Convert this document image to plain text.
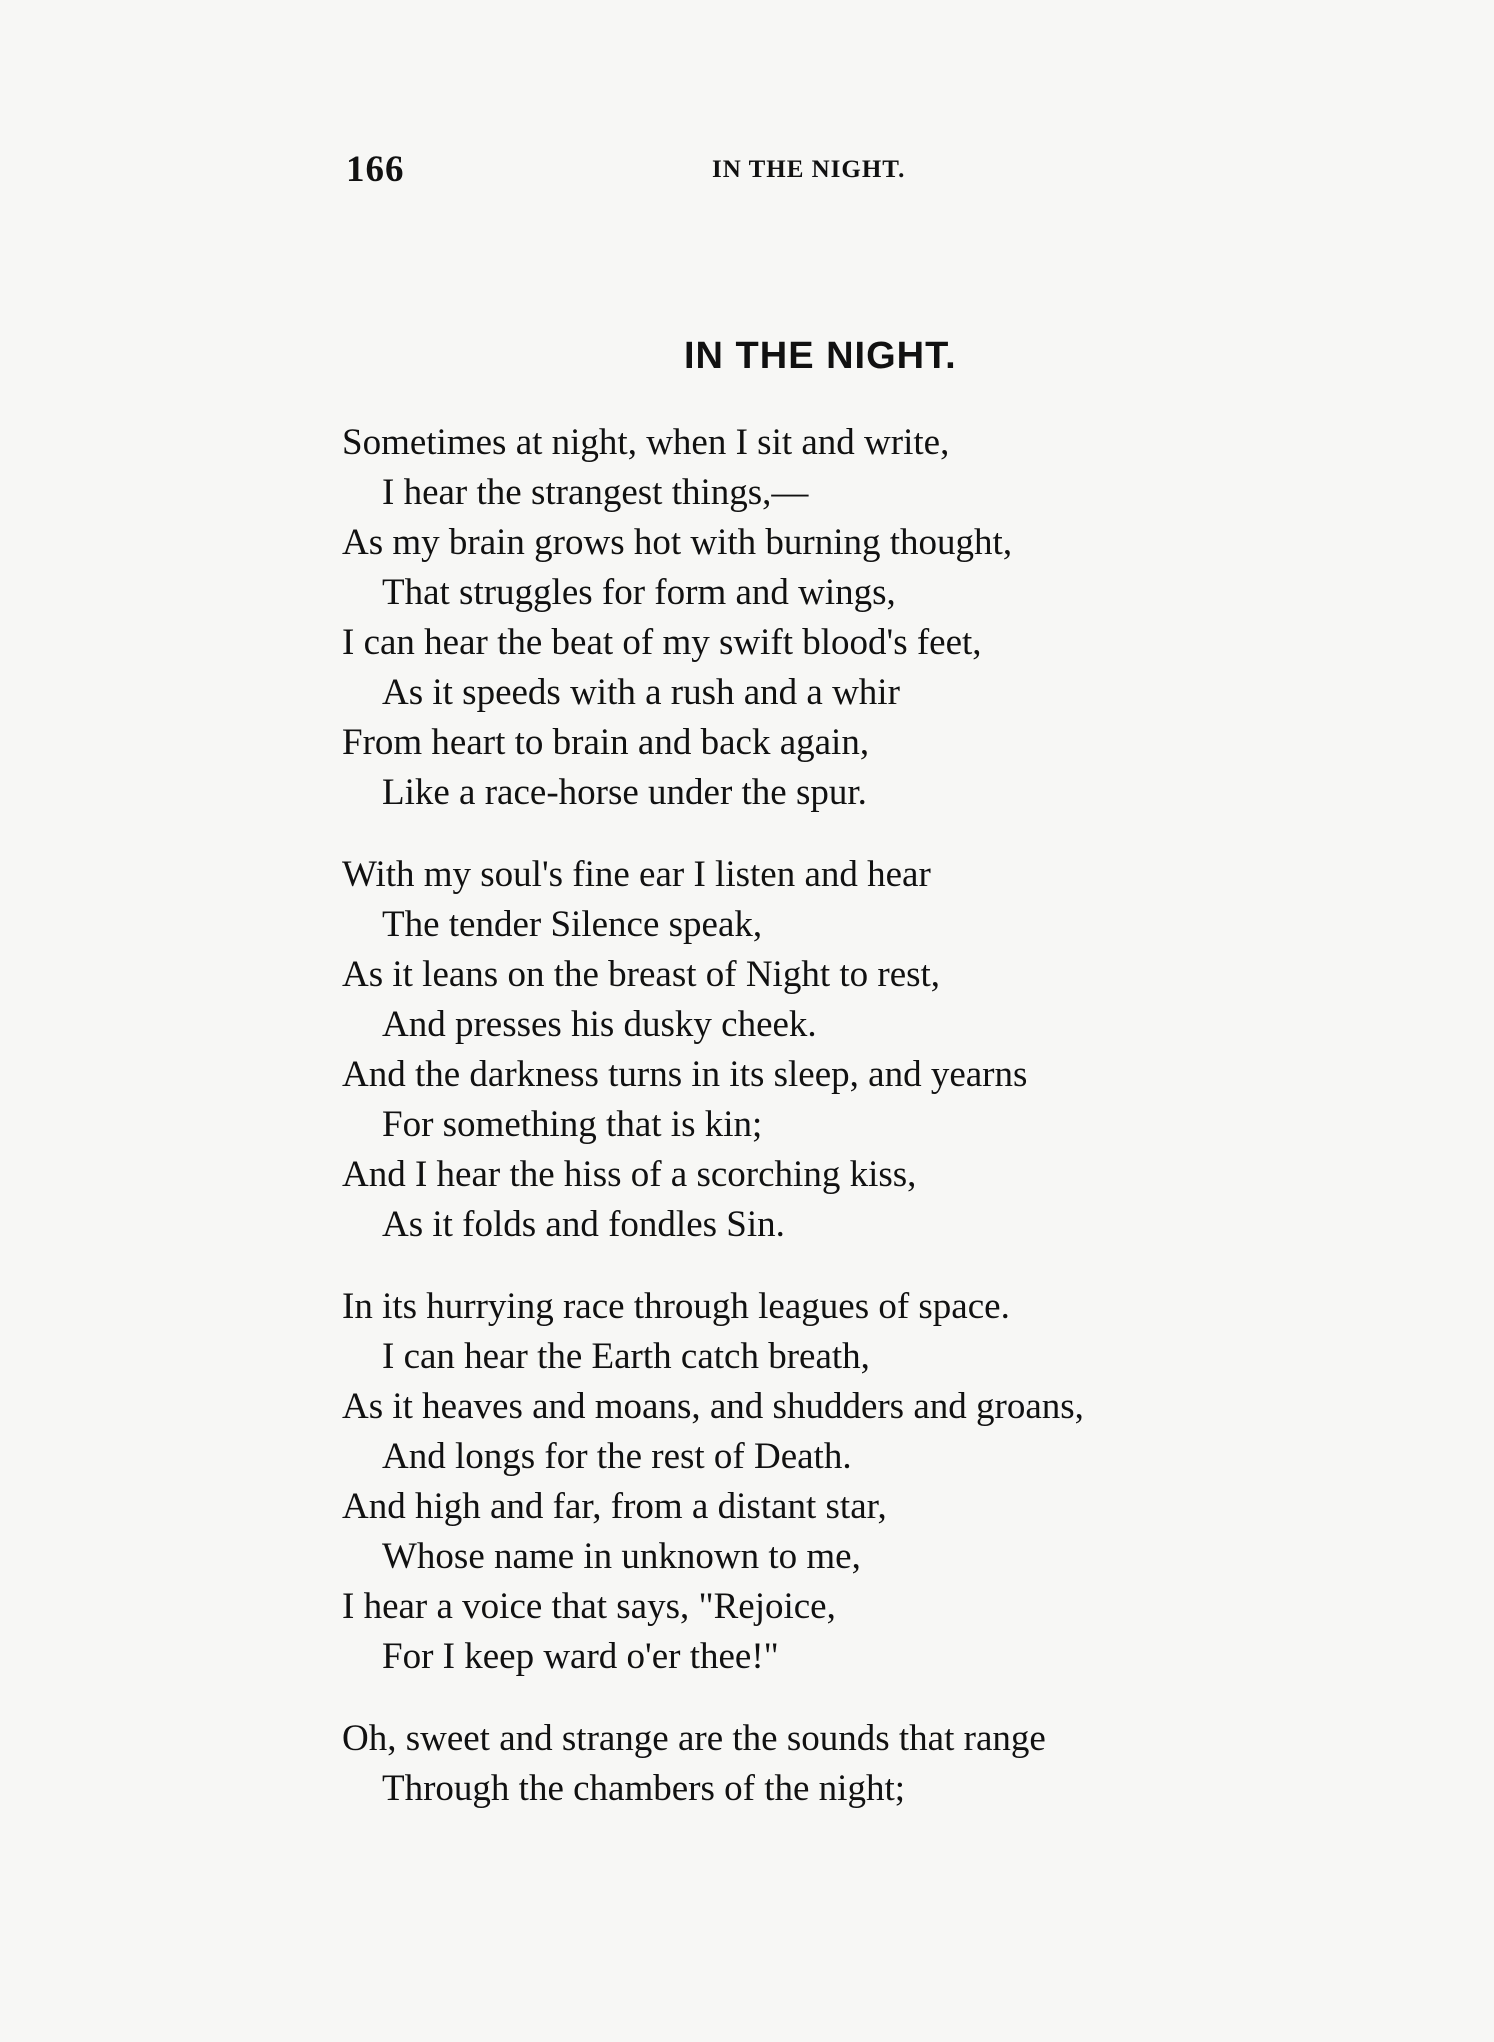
166	IN THE NIGHT.
IN THE NIGHT.
Sometimes at night, when I sit and write,
I hear the strangest things,—
As my brain grows hot with burning thought,
That struggles for form and wings,
I can hear the beat of my swift blood's feet,
As it speeds with a rush and a whir
From heart to brain and back again,
Like a race-horse under the spur.
With my soul's fine ear I listen and hear
The tender Silence speak,
As it leans on the breast of Night to rest,
And presses his dusky cheek.
And the darkness turns in its sleep, and yearns
For something that is kin;
And I hear the hiss of a scorching kiss,
As it folds and fondles Sin.
In its hurrying race through leagues of space.
I can hear the Earth catch breath,
As it heaves and moans, and shudders and groans,
And longs for the rest of Death.
And high and far, from a distant star,
Whose name in unknown to me,
I hear a voice that says, "Rejoice,
For I keep ward o'er thee!"
Oh, sweet and strange are the sounds that range
Through the chambers of the night;
